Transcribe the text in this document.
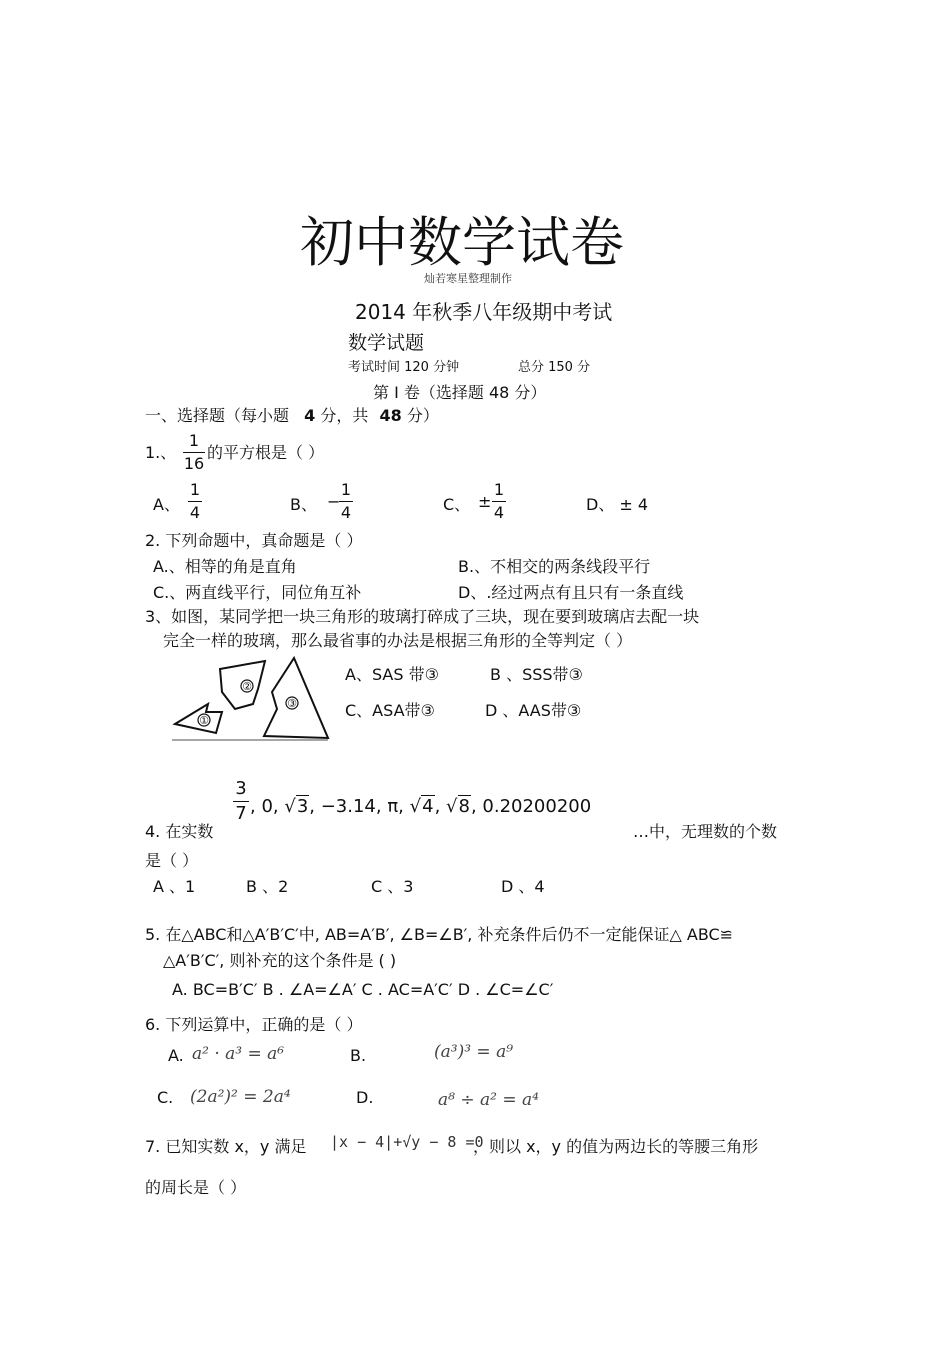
初中数学试卷
灿若寒星整理制作
2014 年秋季八年级期中考试
数学试题
考试时间 120 分钟	总分 150 分
第 Ⅰ 卷（选择题 48 分）
一、选择题（每小题 4 分，共 48 分）
1.、
1
16
的平方根是（ ）
A、
1
4	B、 −
1
4	C、 ±
1
4	D、 ± 4
2. 下列命题中，真命题是（ ）
A.、相等的角是直角	B.、不相交的两条线段平行
C.、两直线平行，同位角互补	D、.经过两点有且只有一条直线
3、如图，某同学把一块三角形的玻璃打碎成了三块，现在要到玻璃店去配一块
完全一样的玻璃，那么最省事的办法是根据三角形的全等判定（ ）
①
②
③
A、SAS 带③	B 、SSS带③
C、ASA带③	D 、AAS带③
3
7 , 0, √3, −3.14, π, √4, √8, 0.20200200
4. 在实数	…中，无理数的个数
是（ ）
A 、1	B 、2	C 、3	D 、4
5. 在△ABC和△A′B′C′中, AB=A′B′, ∠B=∠B′, 补充条件后仍不一定能保证△ ABC≌
△A′B′C′, 则补充的这个条件是 ( )
A. BC=B′C′ B . ∠A=∠A′ C . AC=A′C′ D . ∠C=∠C′
6. 下列运算中，正确的是（ ）
A. a² · a³ = a⁶	B.	(a³)³ = a⁹
C. (2a²)² = 2a⁴	D.	a⁸ ÷ a² = a⁴
7. 已知实数 x，y 满足 |x − 4|+√y − 8 =0
，则以 x，y 的值为两边长的等腰三角形
的周长是（ ）
